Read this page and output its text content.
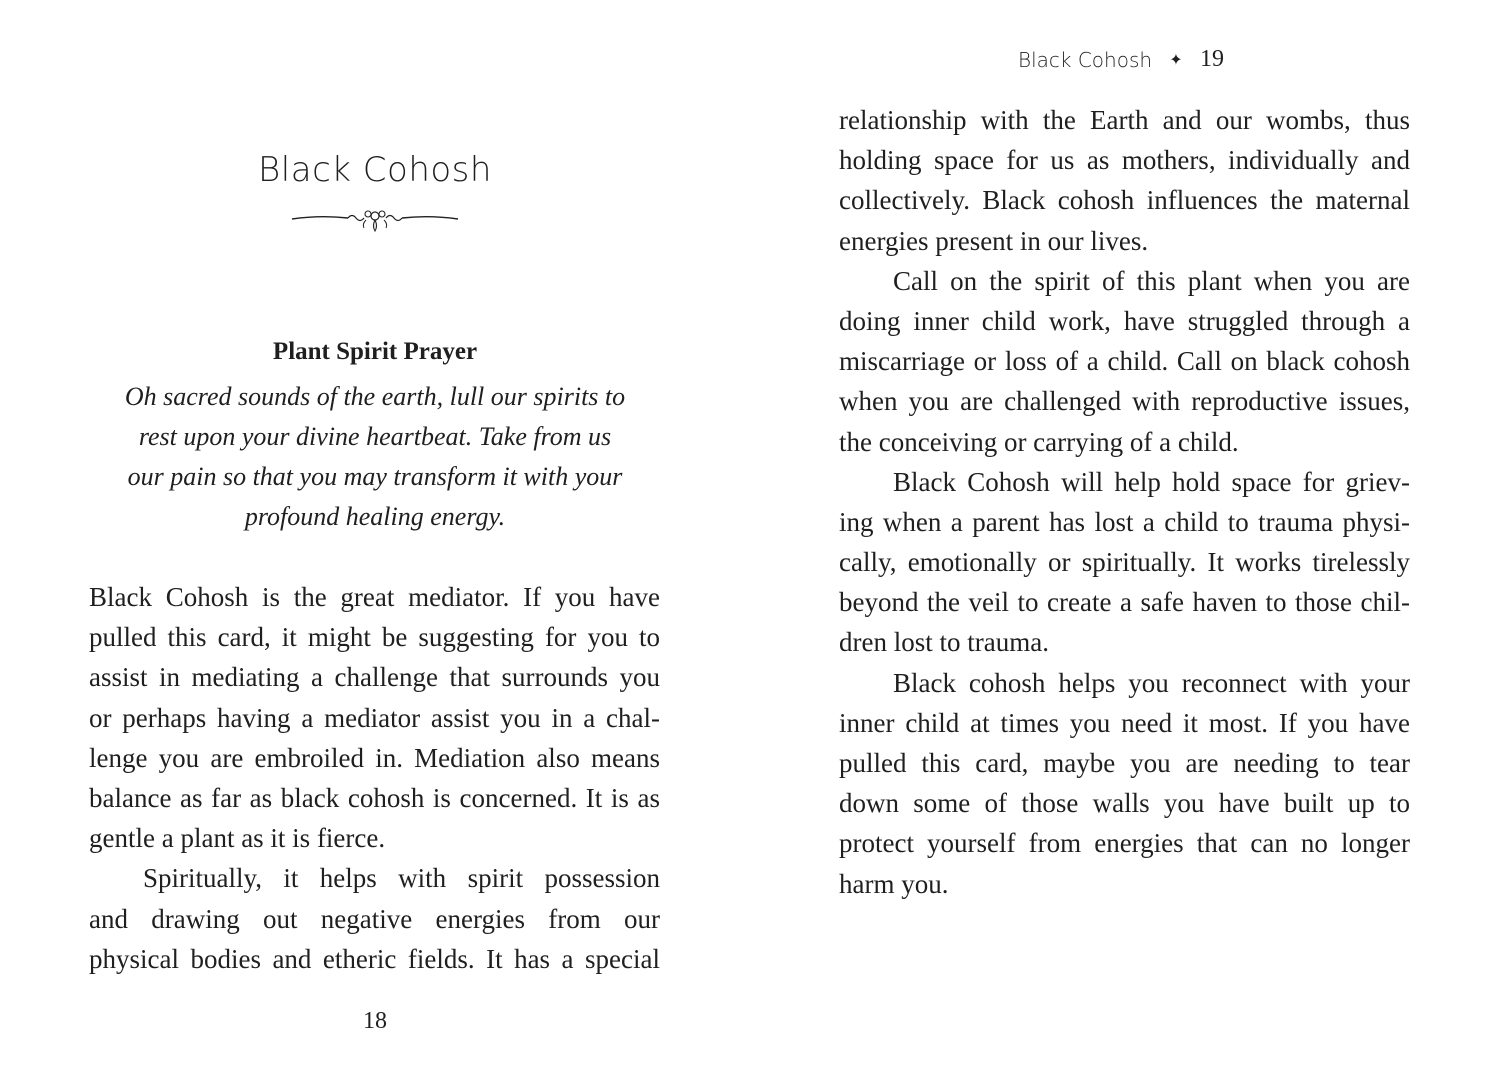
Black Cohosh
Plant Spirit Prayer
Oh sacred sounds of the earth, lull our spirits to
rest upon your divine heartbeat. Take from us
our pain so that you may transform it with your
profound healing energy.
Black Cohosh is the great mediator. If you have
pulled this card, it might be suggesting for you to
assist in mediating a challenge that surrounds you
or perhaps having a mediator assist you in a chal-
lenge you are embroiled in. Mediation also means
balance as far as black cohosh is concerned. It is as
gentle a plant as it is fierce.
Spiritually, it helps with spirit possession
and drawing out negative energies from our
physical bodies and etheric fields. It has a special
18
Black Cohosh	✦ 19
relationship with the Earth and our wombs, thus
holding space for us as mothers, individually and
collectively. Black cohosh influences the maternal
energies present in our lives.
Call on the spirit of this plant when you are
doing inner child work, have struggled through a
miscarriage or loss of a child. Call on black cohosh
when you are challenged with reproductive issues,
the conceiving or carrying of a child.
Black Cohosh will help hold space for griev-
ing when a parent has lost a child to trauma physi-
cally, emotionally or spiritually. It works tirelessly
beyond the veil to create a safe haven to those chil-
dren lost to trauma.
Black cohosh helps you reconnect with your
inner child at times you need it most. If you have
pulled this card, maybe you are needing to tear
down some of those walls you have built up to
protect yourself from energies that can no longer
harm you.
